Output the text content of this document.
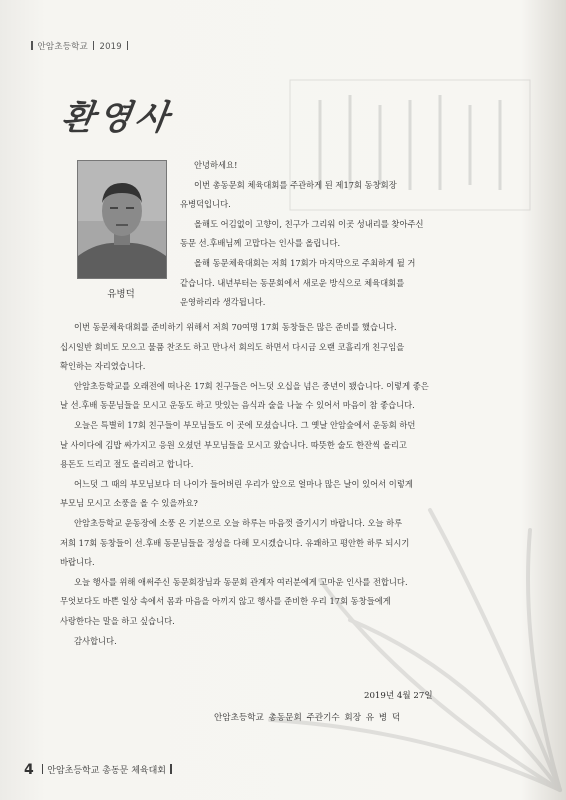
안암초등학교 2019
환영사
유병덕
안녕하세요!
이번 총동문회 체육대회를 주관하게 된 제17회 동창회장
유병덕입니다.
올해도 어김없이 고향이, 친구가 그리워 이곳 성내리를 찾아주신
동문 선.후배님께 고맙다는 인사를 올립니다.
올해 동문체육대회는 저희 17회가 마지막으로 주최하게 될 거
같습니다. 내년부터는 동문회에서 새로운 방식으로 체육대회를
운영하리라 생각됩니다.
이번 동문체육대회를 준비하기 위해서 저희 70여명 17회 동창들은 많은 준비를 했습니다.
십시일반 회비도 모으고 물품 찬조도 하고 만나서 회의도 하면서 다시금 오랜 코흘리개 친구임을
확인하는 자리였습니다.
안암초등학교를 오래전에 떠나온 17회 친구들은 어느덧 오십을 넘은 중년이 됐습니다. 이렇게 좋은
날 선.후배 동문님들을 모시고 운동도 하고 맛있는 음식과 술을 나눌 수 있어서 마음이 참 좋습니다.
오늘은 특별히 17회 친구들이 부모님들도 이 곳에 모셨습니다. 그 옛날 안암숲에서 운동회 하던
날 사이다에 김밥 싸가지고 응원 오셨던 부모님들을 모시고 왔습니다. 따뜻한 술도 한잔씩 올리고
용돈도 드리고 절도 올리려고 합니다.
어느덧 그 때의 부모님보다 더 나이가 들어버린 우리가 앞으로 얼마나 많은 날이 있어서 이렇게
부모님 모시고 소풍을 올 수 있을까요?
안암초등학교 운동장에 소풍 온 기분으로 오늘 하루는 마음껏 즐기시기 바랍니다. 오늘 하루
저희 17회 동창들이 선.후배 동문님들을 정성을 다해 모시겠습니다. 유쾌하고 평안한 하루 되시기
바랍니다.
오늘 행사를 위해 애써주신 동문회장님과 동문회 관계자 여러분에게 고마운 인사를 전합니다.
무엇보다도 바쁜 일상 속에서 몸과 마음을 아끼지 않고 행사를 준비한 우리 17회 동창들에게
사랑한다는 말을 하고 싶습니다.
감사합니다.
2019년 4월 27일
안암초등학교 총동문회 주관기수 회장 유 병 덕
4 안암초등학교 총동문 체육대회
